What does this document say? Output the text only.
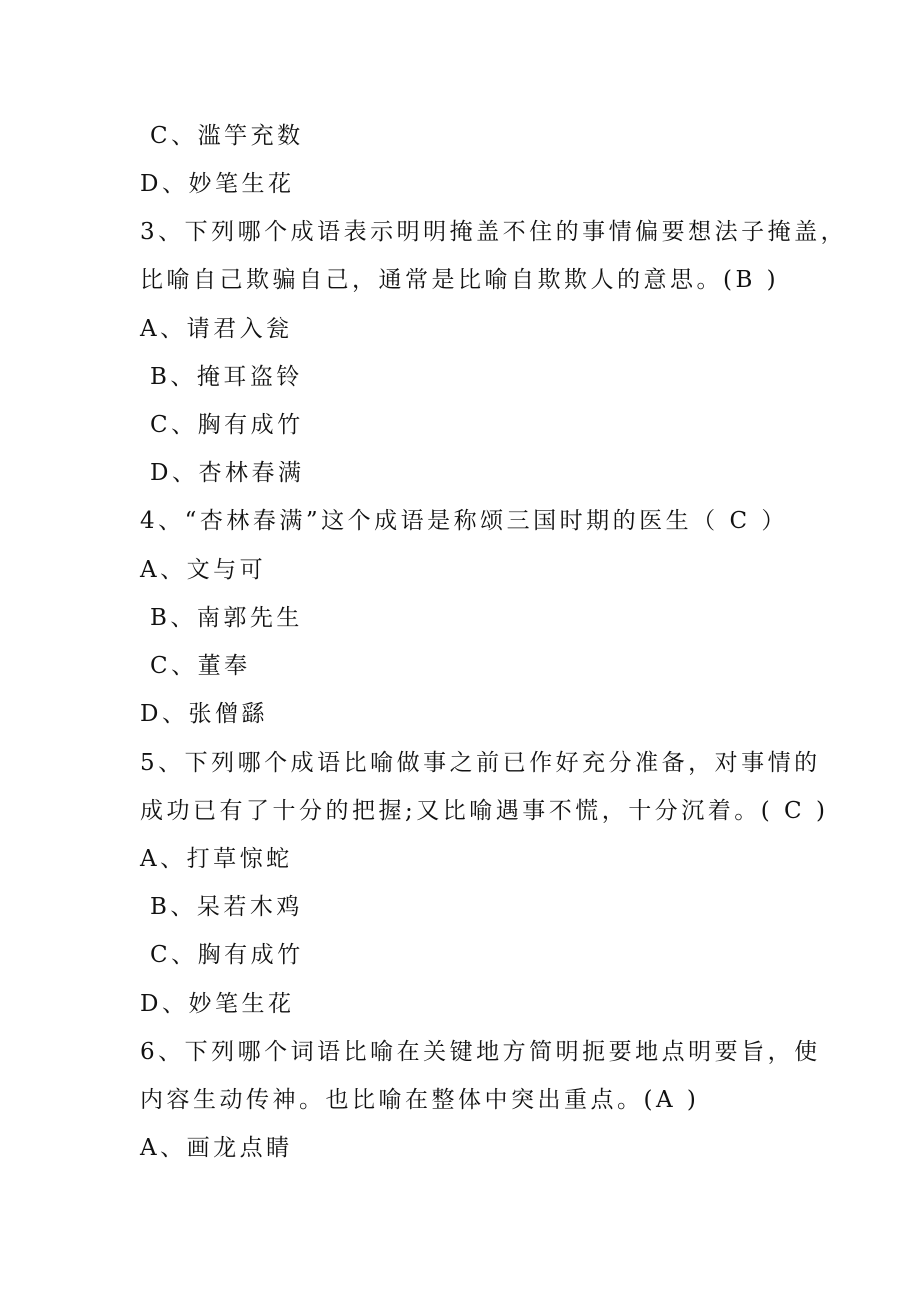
C、滥竽充数
D、妙笔生花
3、下列哪个成语表示明明掩盖不住的事情偏要想法子掩盖，
比喻自己欺骗自己，通常是比喻自欺欺人的意思。(B )
A、请君入瓮
B、掩耳盗铃
C、胸有成竹
D、杏林春满
4、“杏林春满”这个成语是称颂三国时期的医生（ C ）
A、文与可
B、南郭先生
C、董奉
D、张僧繇
5、下列哪个成语比喻做事之前已作好充分准备，对事情的
成功已有了十分的把握;又比喻遇事不慌，十分沉着。( C )
A、打草惊蛇
B、呆若木鸡
C、胸有成竹
D、妙笔生花
6、下列哪个词语比喻在关键地方简明扼要地点明要旨，使
内容生动传神。也比喻在整体中突出重点。(A )
A、画龙点睛
